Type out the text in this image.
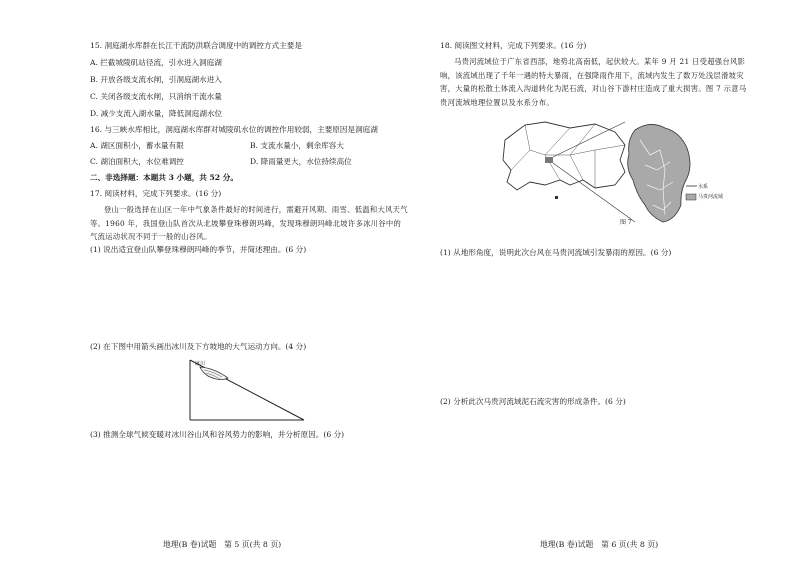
15. 洞庭湖水库群在长江干流防洪联合调度中的调控方式主要是
A. 拦截城陵矶站径流，引水进入洞庭湖
B. 开放各级支流水闸，引洞庭湖水进入
C. 关闭各级支流水闸，只消纳干流水量
D. 减少支流入湖水量，降低洞庭湖水位
16. 与三峡水库相比，洞庭湖水库群对城陵矶水位的调控作用较弱，主要原因是洞庭湖
A. 湖区面积小，蓄水量有限	B. 支流水量小，剩余库容大
C. 湖泊面积大，水位难调控	D. 降雨量更大，水位持续高位
二、非选择题：本题共 3 小题，共 52 分。
17. 阅读材料，完成下列要求。(16 分)
登山一般选择在山区一年中气象条件最好的时间进行，需避开风期、雨雪、低温和大风天气等。1960 年，我国登山队首次从北坡攀登珠穆朗玛峰，发现珠穆朗玛峰北坡许多冰川谷中的气流运动状况不同于一般的山谷风。
(1) 说出适宜登山队攀登珠穆朗玛峰的季节，并简述理由。(6 分)
(2) 在下图中用箭头画出冰川及下方坡地的大气运动方向。(4 分)
冰川
(3) 推测全球气候变暖对冰川谷山风和谷风势力的影响，并分析原因。(6 分)
地理(B 卷)试题　第 5 页(共 8 页)
18. 阅读图文材料，完成下列要求。(16 分)
马贵河流域位于广东省西部，地势北高南低，起伏较大。某年 9 月 21 日受超强台风影响，该流域出现了千年一遇的特大暴雨，在强降雨作用下，流域内发生了数万处浅层滑坡灾害，大量的松散土体流入沟道转化为泥石流，对山谷下游村庄造成了重大损害。图 7 示意马贵河流域地理位置以及水系分布。
水系
马贵河流域
图 7
(1) 从地形角度，说明此次台风在马贵河流域引发暴雨的原因。(6 分)
(2) 分析此次马贵河流域泥石流灾害的形成条件。(6 分)
地理(B 卷)试题　第 6 页(共 8 页)
